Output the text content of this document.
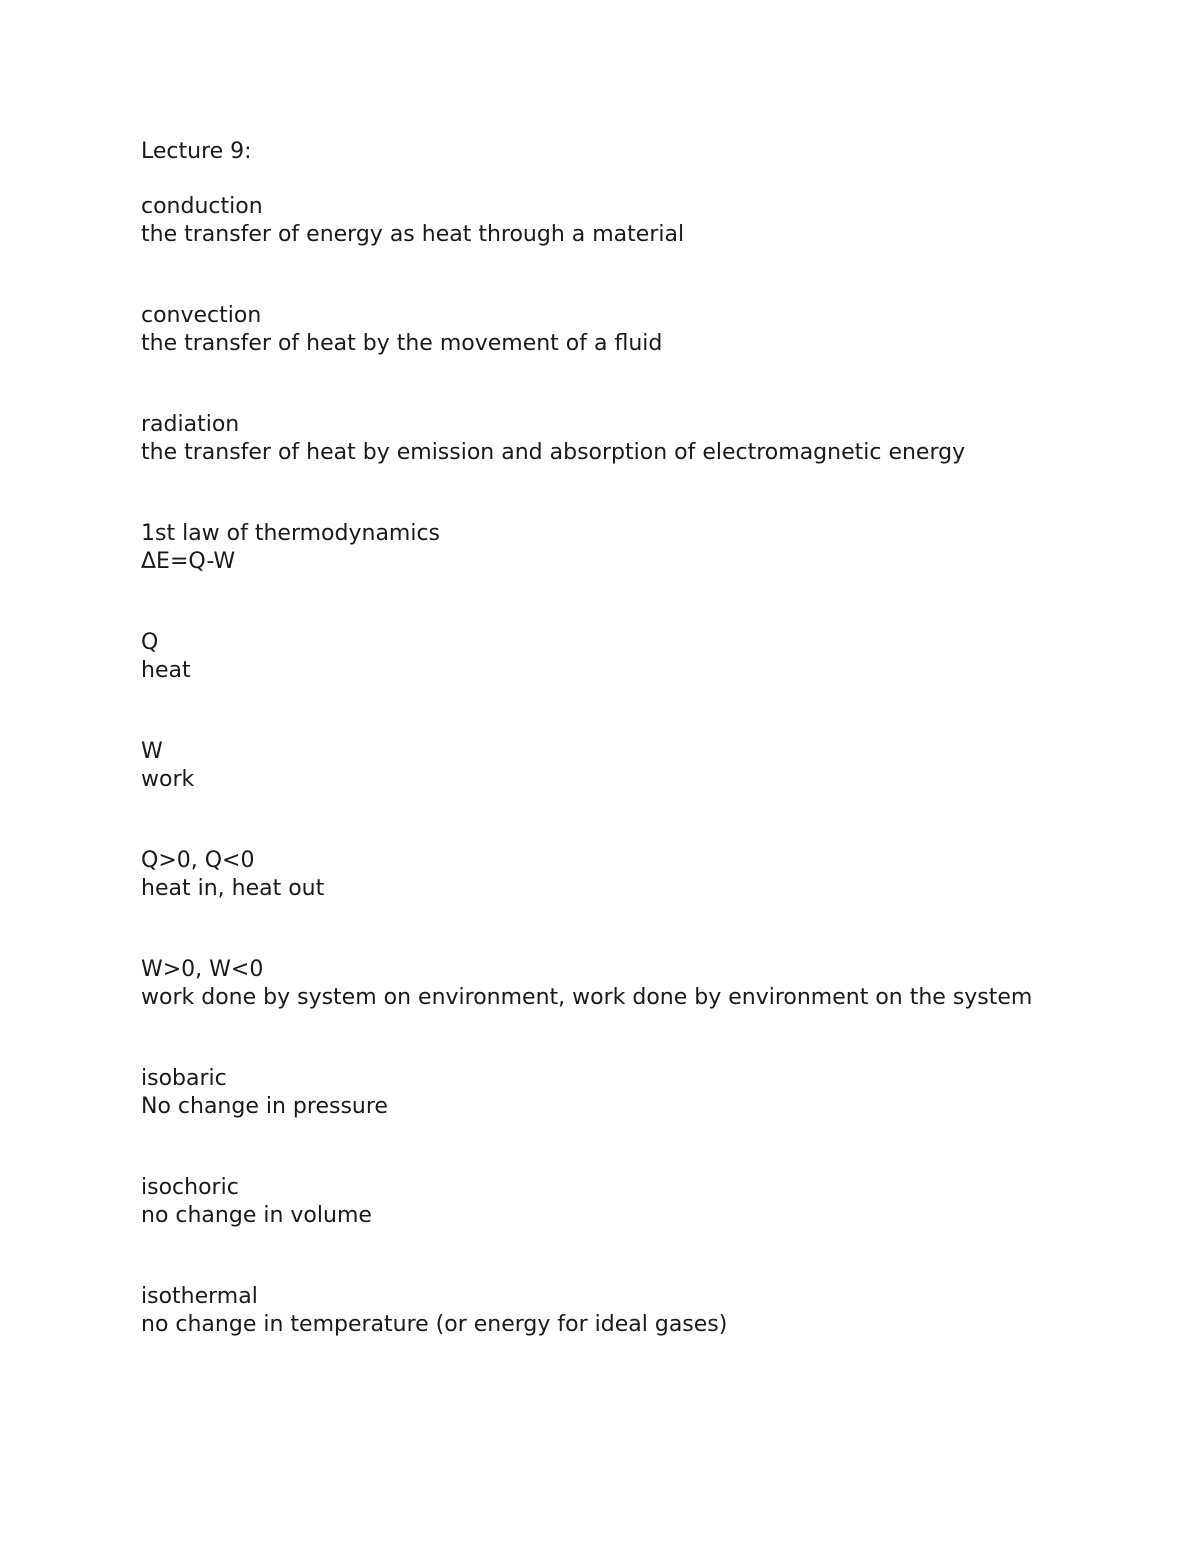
Lecture 9:
conduction
the transfer of energy as heat through a material
convection
the transfer of heat by the movement of a fluid
radiation
the transfer of heat by emission and absorption of electromagnetic energy
1st law of thermodynamics
ΔE=Q-W
Q
heat
W
work
Q>0, Q<0
heat in, heat out
W>0, W<0
work done by system on environment, work done by environment on the system
isobaric
No change in pressure
isochoric
no change in volume
isothermal
no change in temperature (or energy for ideal gases)
